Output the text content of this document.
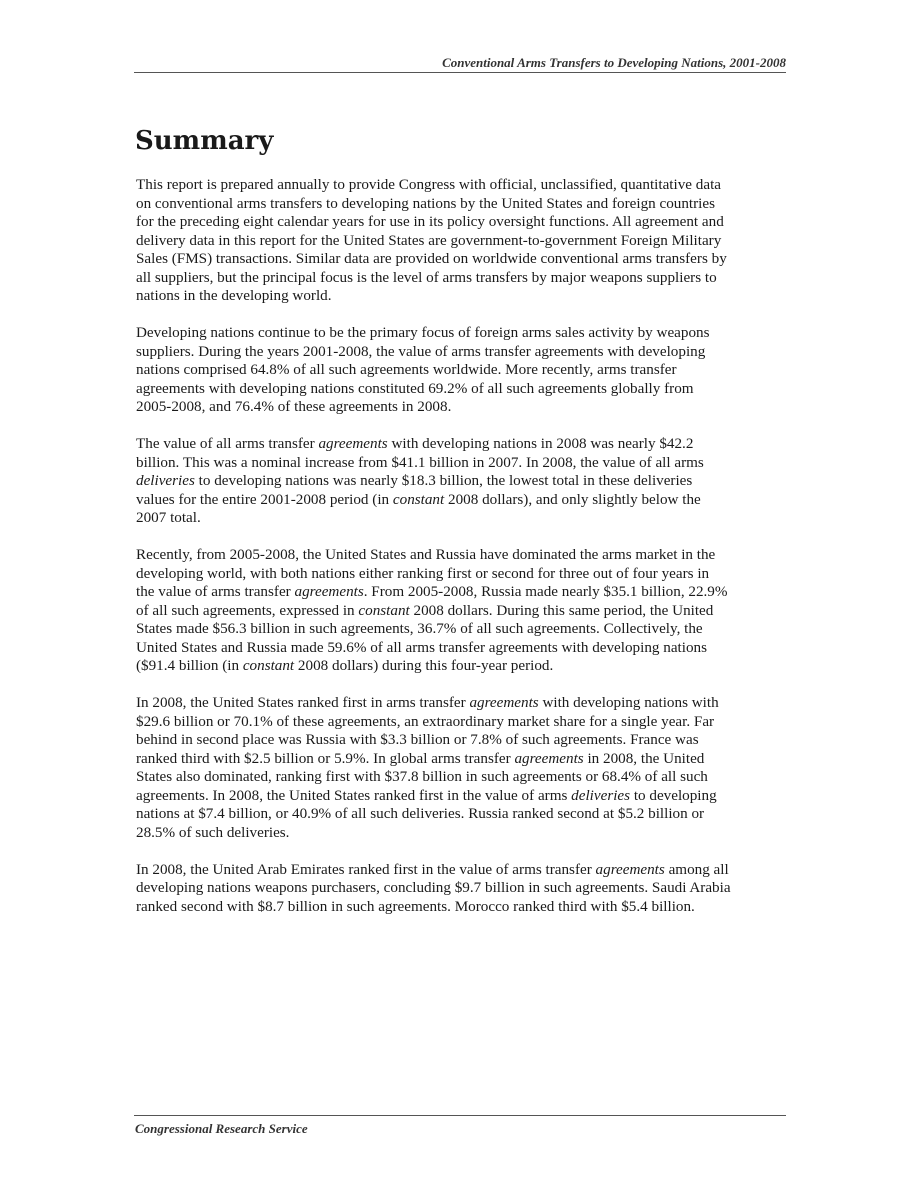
Conventional Arms Transfers to Developing Nations, 2001-2008
Summary

This report is prepared annually to provide Congress with official, unclassified, quantitative data
on conventional arms transfers to developing nations by the United States and foreign countries
for the preceding eight calendar years for use in its policy oversight functions. All agreement and
delivery data in this report for the United States are government-to-government Foreign Military
Sales (FMS) transactions. Similar data are provided on worldwide conventional arms transfers by
all suppliers, but the principal focus is the level of arms transfers by major weapons suppliers to
nations in the developing world.

Developing nations continue to be the primary focus of foreign arms sales activity by weapons
suppliers. During the years 2001-2008, the value of arms transfer agreements with developing
nations comprised 64.8% of all such agreements worldwide. More recently, arms transfer
agreements with developing nations constituted 69.2% of all such agreements globally from
2005-2008, and 76.4% of these agreements in 2008.

The value of all arms transfer agreements with developing nations in 2008 was nearly $42.2
billion. This was a nominal increase from $41.1 billion in 2007. In 2008, the value of all arms
deliveries to developing nations was nearly $18.3 billion, the lowest total in these deliveries
values for the entire 2001-2008 period (in constant 2008 dollars), and only slightly below the
2007 total.

Recently, from 2005-2008, the United States and Russia have dominated the arms market in the
developing world, with both nations either ranking first or second for three out of four years in
the value of arms transfer agreements. From 2005-2008, Russia made nearly $35.1 billion, 22.9%
of all such agreements, expressed in constant 2008 dollars. During this same period, the United
States made $56.3 billion in such agreements, 36.7% of all such agreements. Collectively, the
United States and Russia made 59.6% of all arms transfer agreements with developing nations
($91.4 billion (in constant 2008 dollars) during this four-year period.

In 2008, the United States ranked first in arms transfer agreements with developing nations with
$29.6 billion or 70.1% of these agreements, an extraordinary market share for a single year. Far
behind in second place was Russia with $3.3 billion or 7.8% of such agreements. France was
ranked third with $2.5 billion or 5.9%. In global arms transfer agreements in 2008, the United
States also dominated, ranking first with $37.8 billion in such agreements or 68.4% of all such
agreements. In 2008, the United States ranked first in the value of arms deliveries to developing
nations at $7.4 billion, or 40.9% of all such deliveries. Russia ranked second at $5.2 billion or
28.5% of such deliveries.

In 2008, the United Arab Emirates ranked first in the value of arms transfer agreements among all
developing nations weapons purchasers, concluding $9.7 billion in such agreements. Saudi Arabia
ranked second with $8.7 billion in such agreements. Morocco ranked third with $5.4 billion.

Congressional Research Service
